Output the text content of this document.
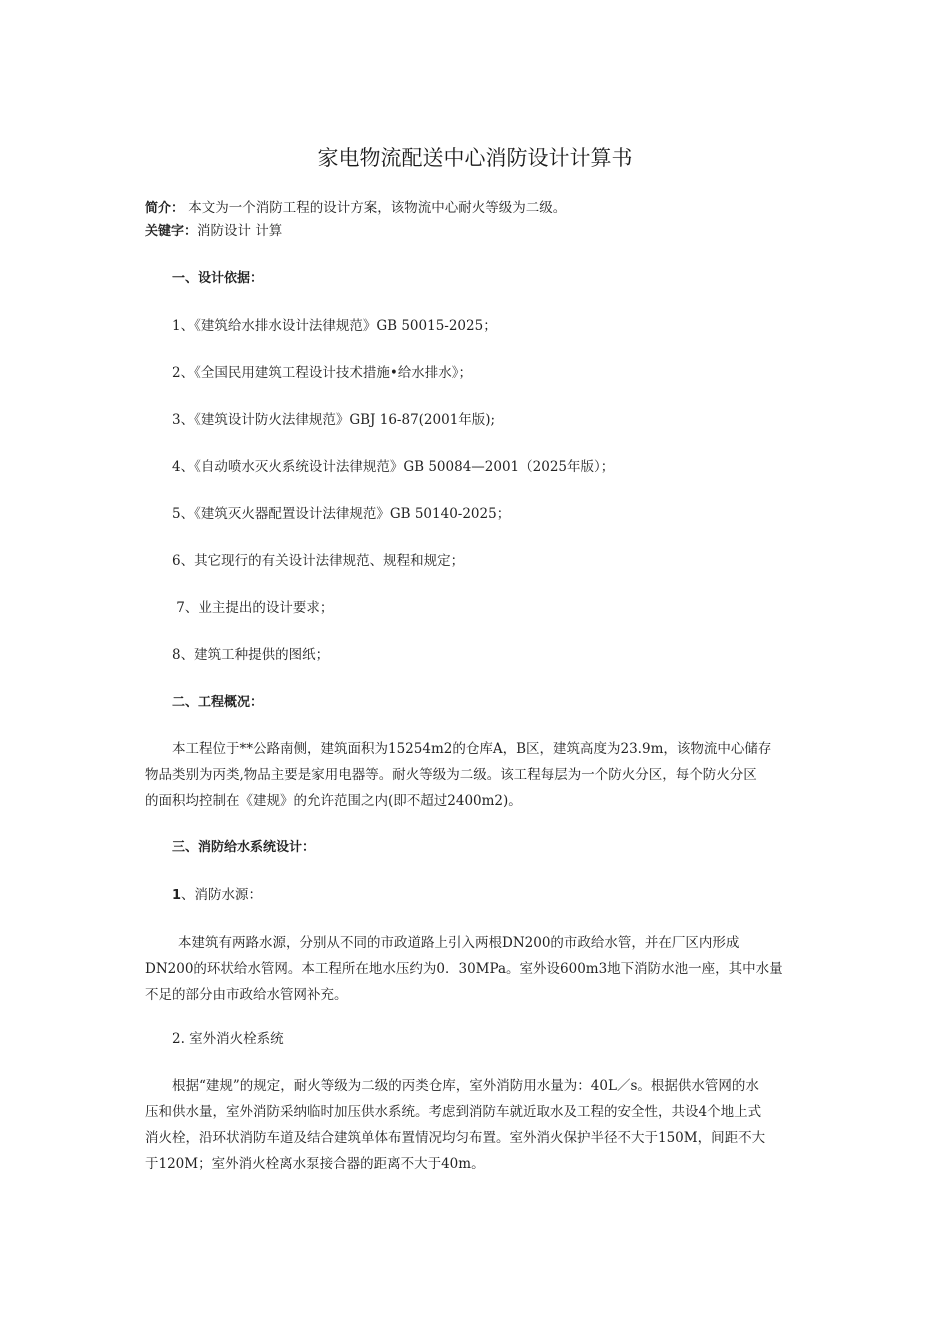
家电物流配送中心消防设计计算书
简介： 本文为一个消防工程的设计方案，该物流中心耐火等级为二级。
关键字：消防设计 计算
一、设计依据：
1、《建筑给水排水设计法律规范》GB 50015-2025；
2、《全国民用建筑工程设计技术措施•给水排水》；
3、《建筑设计防火法律规范》GBJ 16-87(2001年版);
4、《自动喷水灭火系统设计法律规范》GB 50084—2001（2025年版）；
5、《建筑灭火器配置设计法律规范》GB 50140-2025；
6、其它现行的有关设计法律规范、规程和规定；
7、业主提出的设计要求；
8、建筑工种提供的图纸；
二、工程概况：
本工程位于**公路南侧，建筑面积为15254m2的仓库A，B区，建筑高度为23.9m，该物流中心储存
物品类别为丙类,物品主要是家用电器等。耐火等级为二级。该工程每层为一个防火分区，每个防火分区
的面积均控制在《建规》的允许范围之内(即不超过2400m2)。
三、消防给水系统设计：
1、消防水源：
本建筑有两路水源，分别从不同的市政道路上引入两根DN200的市政给水管，并在厂区内形成
DN200的环状给水管网。本工程所在地水压约为0．30MPa。室外设600m3地下消防水池一座，其中水量
不足的部分由市政给水管网补充。
2. 室外消火栓系统
根据“建规”的规定，耐火等级为二级的丙类仓库，室外消防用水量为：40L／s。根据供水管网的水
压和供水量，室外消防采纳临时加压供水系统。考虑到消防车就近取水及工程的安全性，共设4个地上式
消火栓，沿环状消防车道及结合建筑单体布置情况均匀布置。室外消火保护半径不大于150M，间距不大
于120M；室外消火栓离水泵接合器的距离不大于40m。
